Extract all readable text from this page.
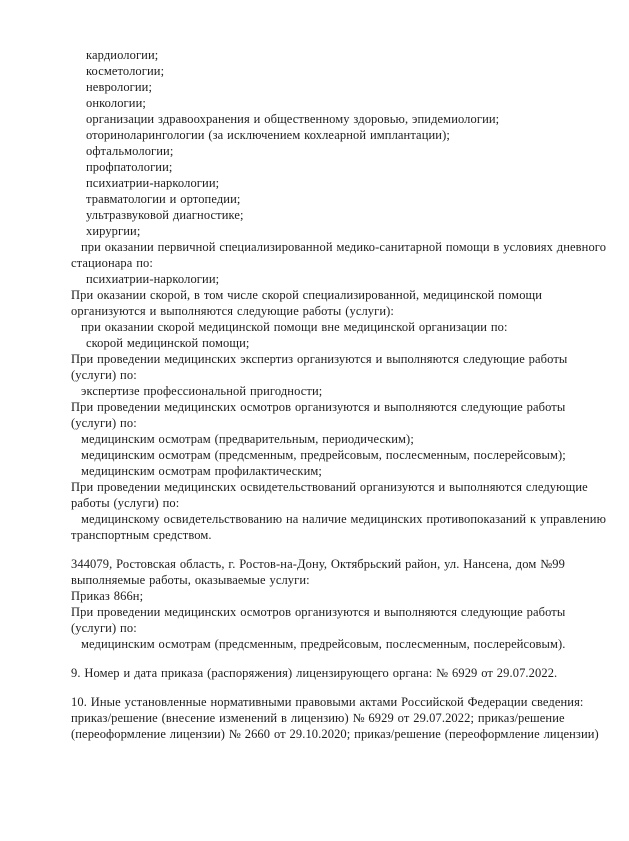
кардиологии;
косметологии;
неврологии;
онкологии;
организации здравоохранения и общественному здоровью, эпидемиологии;
оториноларингологии (за исключением кохлеарной имплантации);
офтальмологии;
профпатологии;
психиатрии-наркологии;
травматологии и ортопедии;
ультразвуковой диагностике;
хирургии;
при оказании первичной специализированной медико-санитарной помощи в условиях дневного
стационара по:
психиатрии-наркологии;
При оказании скорой, в том числе скорой специализированной, медицинской помощи
организуются и выполняются следующие работы (услуги):
при оказании скорой медицинской помощи вне медицинской организации по:
скорой медицинской помощи;
При проведении медицинских экспертиз организуются и выполняются следующие работы
(услуги) по:
экспертизе профессиональной пригодности;
При проведении медицинских осмотров организуются и выполняются следующие работы
(услуги) по:
медицинским осмотрам (предварительным, периодическим);
медицинским осмотрам (предсменным, предрейсовым, послесменным, послерейсовым);
медицинским осмотрам профилактическим;
При проведении медицинских освидетельствований организуются и выполняются следующие
работы (услуги) по:
медицинскому освидетельствованию на наличие медицинских противопоказаний к управлению
транспортным средством.
344079, Ростовская область, г. Ростов-на-Дону, Октябрьский район, ул. Нансена, дом №99
выполняемые работы, оказываемые услуги:
Приказ 866н;
При проведении медицинских осмотров организуются и выполняются следующие работы
(услуги) по:
медицинским осмотрам (предсменным, предрейсовым, послесменным, послерейсовым).
9. Номер и дата приказа (распоряжения) лицензирующего органа: № 6929 от 29.07.2022.
10. Иные установленные нормативными правовыми актами Российской Федерации сведения:
приказ/решение (внесение изменений в лицензию) № 6929 от 29.07.2022; приказ/решение
(переоформление лицензии) № 2660 от 29.10.2020; приказ/решение (переоформление лицензии)
